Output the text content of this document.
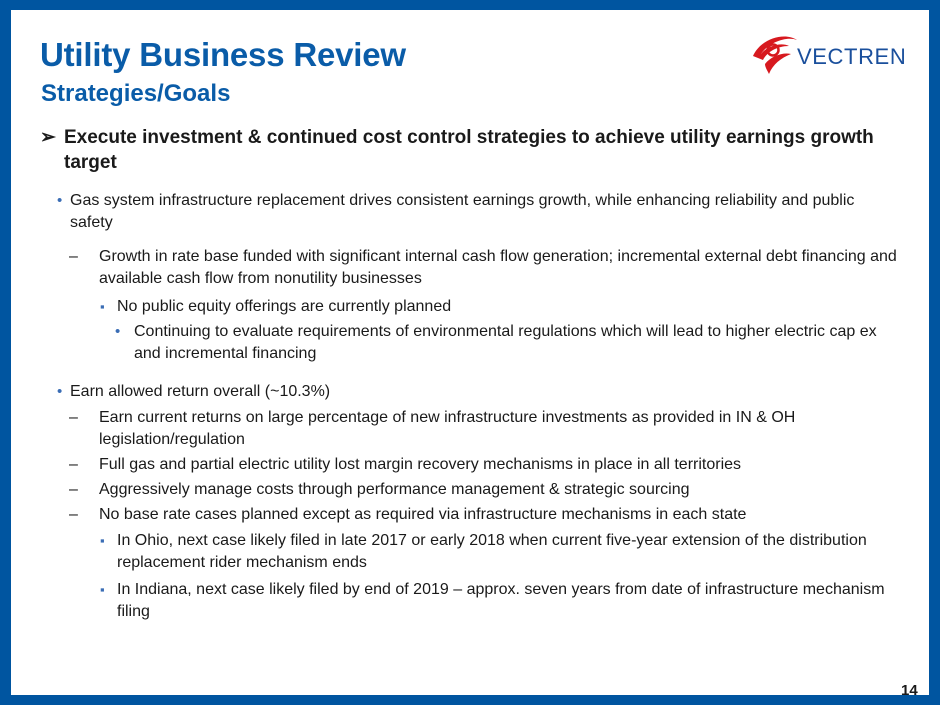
Utility Business Review
Strategies/Goals
VECTREN
➢ Execute investment & continued cost control strategies to achieve utility earnings growth target
• Gas system infrastructure replacement drives consistent earnings growth, while enhancing reliability and public safety
–	Growth in rate base funded with significant internal cash flow generation; incremental external debt financing and available cash flow from nonutility businesses
▪ No public equity offerings are currently planned
• Continuing to evaluate requirements of environmental regulations which will lead to higher electric cap ex and incremental financing
• Earn allowed return overall (~10.3%)
–	Earn current returns on large percentage of new infrastructure investments as provided in IN & OH legislation/regulation
–	Full gas and partial electric utility lost margin recovery mechanisms in place in all territories
–	Aggressively manage costs through performance management & strategic sourcing
–	No base rate cases planned except as required via infrastructure mechanisms in each state
▪ In Ohio, next case likely filed in late 2017 or early 2018 when current five-year extension of the distribution replacement rider mechanism ends
▪ In Indiana, next case likely filed by end of 2019 – approx. seven years from date of infrastructure mechanism filing
14
